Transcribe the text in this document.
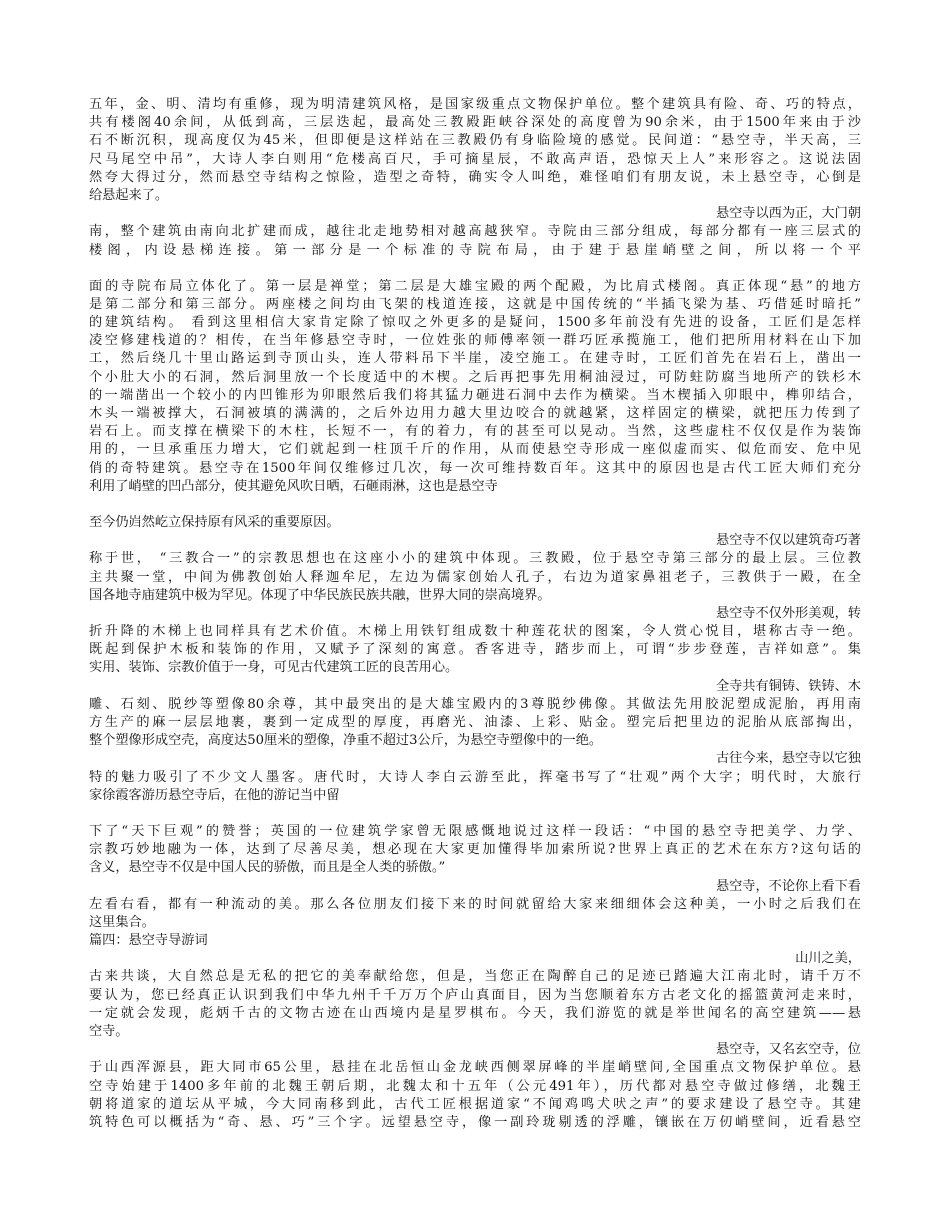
五年，金、明、清均有重修，现为明清建筑风格，是国家级重点文物保护单位。整个建筑具有险、奇、巧的特点，
共有楼阁40余间，从低到高，三层迭起，最高处三教殿距峡谷深处的高度曾为90余米，由于1500年来由于沙
石不断沉积，现高度仅为45米，但即便是这样站在三教殿仍有身临险境的感觉。民间道：“悬空寺，半天高，三
尺马尾空中吊”，大诗人李白则用“危楼高百尺，手可摘星辰，不敢高声语，恐惊天上人”来形容之。这说法固
然夸大得过分，然而悬空寺结构之惊险，造型之奇特，确实令人叫绝，难怪咱们有朋友说，未上悬空寺，心倒是
给悬起来了。
悬空寺以西为正，大门朝
南，整个建筑由南向北扩建而成，越往北走地势相对越高越狭窄。寺院由三部分组成，每部分都有一座三层式的
楼阁，内设悬梯连接。第一部分是一个标准的寺院布局，由于建于悬崖峭壁之间，所以将一个平
面的寺院布局立体化了。第一层是禅堂；第二层是大雄宝殿的两个配殿，为比肩式楼阁。真正体现“悬”的地方
是第二部分和第三部分。两座楼之间均由飞架的栈道连接，这就是中国传统的“半插飞梁为基、巧借延时暗托”
的建筑结构。 看到这里相信大家肯定除了惊叹之外更多的是疑问，1500多年前没有先进的设备，工匠们是怎样
凌空修建栈道的？相传，在当年修悬空寺时，一位姓张的师傅率领一群巧匠承揽施工，他们把所用材料在山下加
工，然后绕几十里山路运到寺顶山头，连人带料吊下半崖，凌空施工。在建寺时，工匠们首先在岩石上，凿出一
个小肚大小的石洞，然后洞里放一个长度适中的木楔。之后再把事先用桐油浸过，可防蛀防腐当地所产的铁杉木
的一端凿出一个较小的内凹锥形为卯眼然后我们将其猛力砸进石洞中去作为横梁。当木楔插入卯眼中，榫卯结合，
木头一端被撑大，石洞被填的满满的，之后外边用力越大里边咬合的就越紧，这样固定的横梁，就把压力传到了
岩石上。而支撑在横梁下的木柱，长短不一，有的着力，有的甚至可以晃动。当然，这些虚柱不仅仅是作为装饰
用的，一旦承重压力增大，它们就起到一柱顶千斤的作用，从而使悬空寺形成一座似虚而实、似危而安、危中见
俏的奇特建筑。悬空寺在1500年间仅维修过几次，每一次可维持数百年。这其中的原因也是古代工匠大师们充分
利用了峭壁的凹凸部分，使其避免风吹日晒，石砸雨淋，这也是悬空寺
至今仍岿然屹立保持原有风采的重要原因。
悬空寺不仅以建筑奇巧著
称于世， “三教合一”的宗教思想也在这座小小的建筑中体现。三教殿，位于悬空寺第三部分的最上层。三位教
主共聚一堂，中间为佛教创始人释迦牟尼，左边为儒家创始人孔子，右边为道家鼻祖老子，三教供于一殿，在全
国各地寺庙建筑中极为罕见。体现了中华民族民族共融，世界大同的崇高境界。
悬空寺不仅外形美观，转
折升降的木梯上也同样具有艺术价值。木梯上用铁钉组成数十种莲花状的图案，令人赏心悦目，堪称古寺一绝。
既起到保护木板和装饰的作用，又赋予了深刻的寓意。香客进寺，踏步而上，可谓“步步登莲，吉祥如意”。集
实用、装饰、宗教价值于一身，可见古代建筑工匠的良苦用心。
全寺共有铜铸、铁铸、木
雕、石刻、脱纱等塑像80余尊，其中最突出的是大雄宝殿内的3尊脱纱佛像。其做法先用胶泥塑成泥胎，再用南
方生产的麻一层层地裹，裹到一定成型的厚度，再磨光、油漆、上彩、贴金。塑完后把里边的泥胎从底部掏出，
整个塑像形成空壳，高度达50厘米的塑像，净重不超过3公斤，为悬空寺塑像中的一绝。
古往今来，悬空寺以它独
特的魅力吸引了不少文人墨客。唐代时，大诗人李白云游至此，挥毫书写了“壮观”两个大字；明代时，大旅行
家徐霞客游历悬空寺后，在他的游记当中留
下了“天下巨观”的赞誉；英国的一位建筑学家曾无限感慨地说过这样一段话：“中国的悬空寺把美学、力学、
宗教巧妙地融为一体，达到了尽善尽美，想必现在大家更加懂得毕加索所说?世界上真正的艺术在东方?这句话的
含义，悬空寺不仅是中国人民的骄傲，而且是全人类的骄傲。”
悬空寺，不论你上看下看
左看右看，都有一种流动的美。那么各位朋友们接下来的时间就留给大家来细细体会这种美，一小时之后我们在
这里集合。
篇四：悬空寺导游词
山川之美，
古来共谈，大自然总是无私的把它的美奉献给您，但是，当您正在陶醉自己的足迹已踏遍大江南北时，请千万不
要认为，您已经真正认识到我们中华九州千千万万个庐山真面目，因为当您顺着东方古老文化的摇篮黄河走来时，
一定就会发现，彪炳千古的文物古迹在山西境内是星罗棋布。今天，我们游览的就是举世闻名的高空建筑——悬
空寺。
悬空寺，又名玄空寺，位
于山西浑源县，距大同市65公里，悬挂在北岳恒山金龙峡西侧翠屏峰的半崖峭壁间,全国重点文物保护单位。悬
空寺始建于1400多年前的北魏王朝后期，北魏太和十五年（公元491年），历代都对悬空寺做过修缮，北魏王
朝将道家的道坛从平城，今大同南移到此，古代工匠根据道家“不闻鸡鸣犬吠之声”的要求建设了悬空寺。其建
筑特色可以概括为“奇、悬、巧”三个字。远望悬空寺，像一副玲珑剔透的浮雕，镶嵌在万仞峭壁间，近看悬空
